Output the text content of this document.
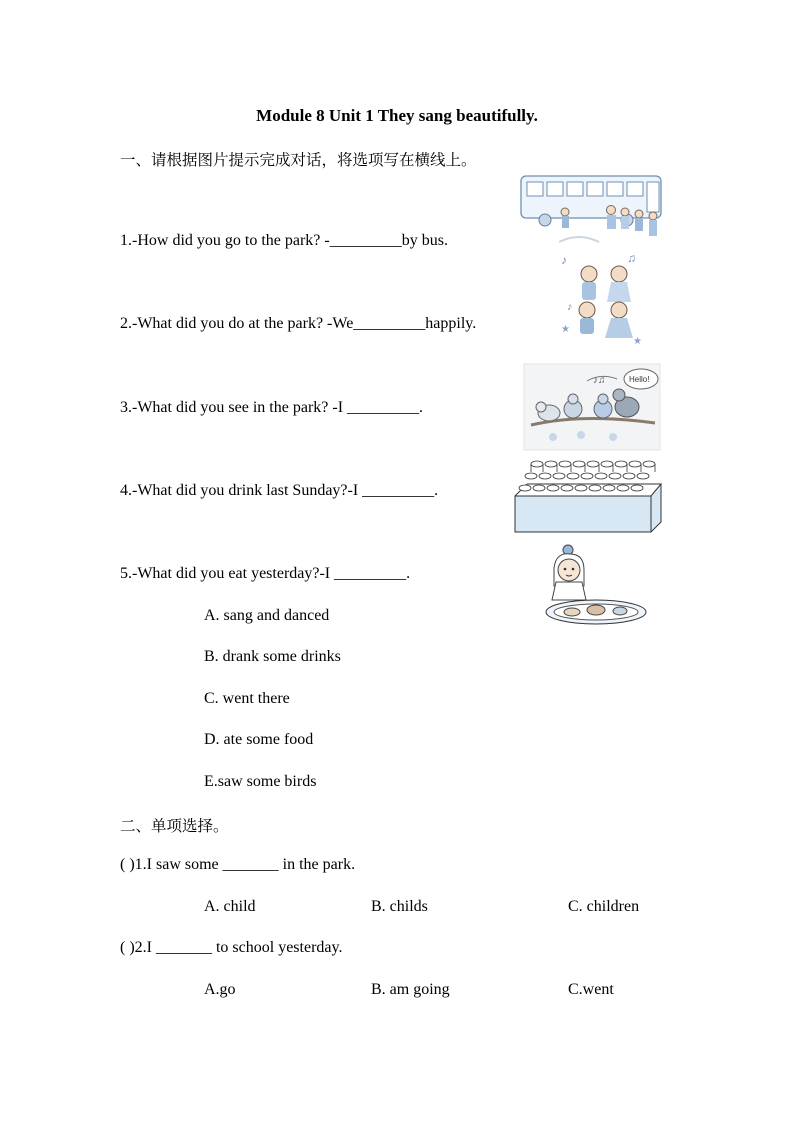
Module 8 Unit 1 They sang beautifully.
一、请根据图片提示完成对话，将选项写在横线上。
1.-How did you go to the park? -_________by bus.
2.-What did you do at the park? -We_________happily.
3.-What did you see in the park? -I _________.
4.-What did you drink last Sunday?-I _________.
5.-What did you eat yesterday?-I _________.
A. sang and danced
B. drank some drinks
C. went there
D. ate some food
E.saw some birds
二、单项选择。
( )1.I saw some _______ in the park.
A. child	B. childs	C. children
( )2.I _______ to school yesterday.
A.go	B. am going	C.went
♪	♫
♪
★
★
♪♫	Hello!
